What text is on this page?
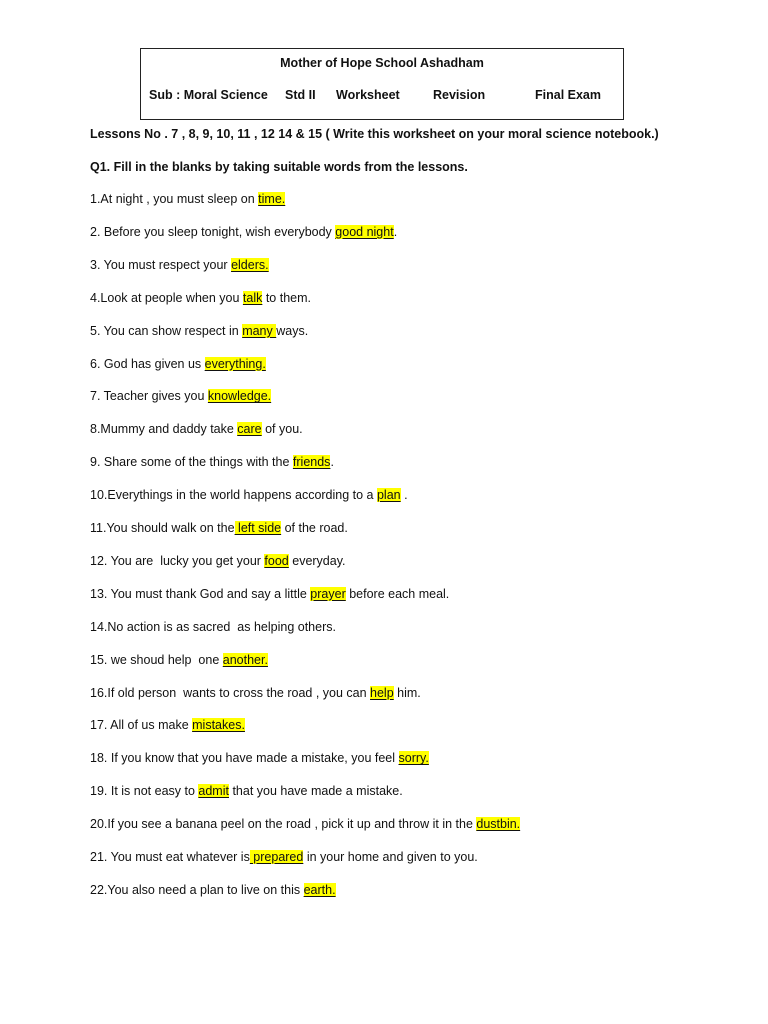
Mother of Hope School Ashadham
Sub : Moral Science Std II Worksheet	Revision	Final Exam
Lessons No . 7 , 8, 9, 10, 11 , 12 14 & 15 ( Write this worksheet on your moral science notebook.)
Q1. Fill in the blanks by taking suitable words from the lessons.
1.At night , you must sleep on time.
2. Before you sleep tonight, wish everybody good night.
3. You must respect your elders.
4.Look at people when you talk to them.
5. You can show respect in many ways.
6. God has given us everything.
7. Teacher gives you knowledge.
8.Mummy and daddy take care of you.
9. Share some of the things with the friends.
10.Everythings in the world happens according to a plan .
11.You should walk on the left side of the road.
12. You are  lucky you get your food everyday.
13. You must thank God and say a little prayer before each meal.
14.No action is as sacred  as helping others.
15. we shoud help  one another.
16.If old person  wants to cross the road , you can help him.
17. All of us make mistakes.
18. If you know that you have made a mistake, you feel sorry.
19. It is not easy to admit that you have made a mistake.
20.If you see a banana peel on the road , pick it up and throw it in the dustbin.
21. You must eat whatever is prepared in your home and given to you.
22.You also need a plan to live on this earth.
